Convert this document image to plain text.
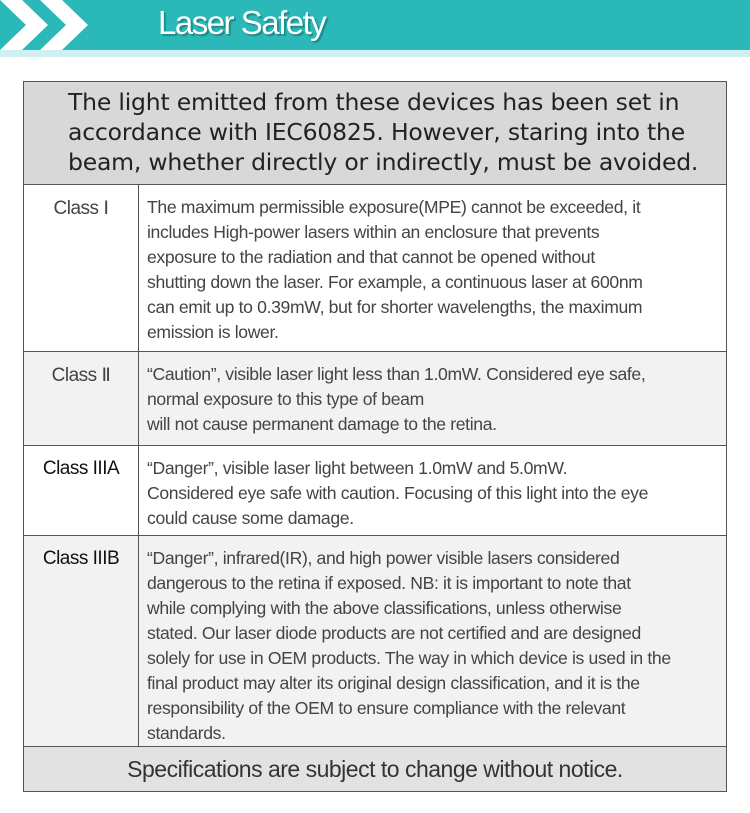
Laser Safety
The light emitted from these devices has been set in
accordance with IEC60825. However, staring into the
beam, whether directly or indirectly, must be avoided.
Class Ⅰ	The maximum permissible exposure(MPE) cannot be exceeded, it
includes High-power lasers within an enclosure that prevents
exposure to the radiation and that cannot be opened without
shutting down the laser. For example, a continuous laser at 600nm
can emit up to 0.39mW, but for shorter wavelengths, the maximum
emission is lower.
Class Ⅱ	“Caution”, visible laser light less than 1.0mW. Considered eye safe,
normal exposure to this type of beam
will not cause permanent damage to the retina.
Class IIIA	“Danger”, visible laser light between 1.0mW and 5.0mW.
Considered eye safe with caution. Focusing of this light into the eye
could cause some damage.
Class IIIB	“Danger”, infrared(IR), and high power visible lasers considered
dangerous to the retina if exposed. NB: it is important to note that
while complying with the above classifications, unless otherwise
stated. Our laser diode products are not certified and are designed
solely for use in OEM products. The way in which device is used in the
final product may alter its original design classification, and it is the
responsibility of the OEM to ensure compliance with the relevant
standards.
Specifications are subject to change without notice.
